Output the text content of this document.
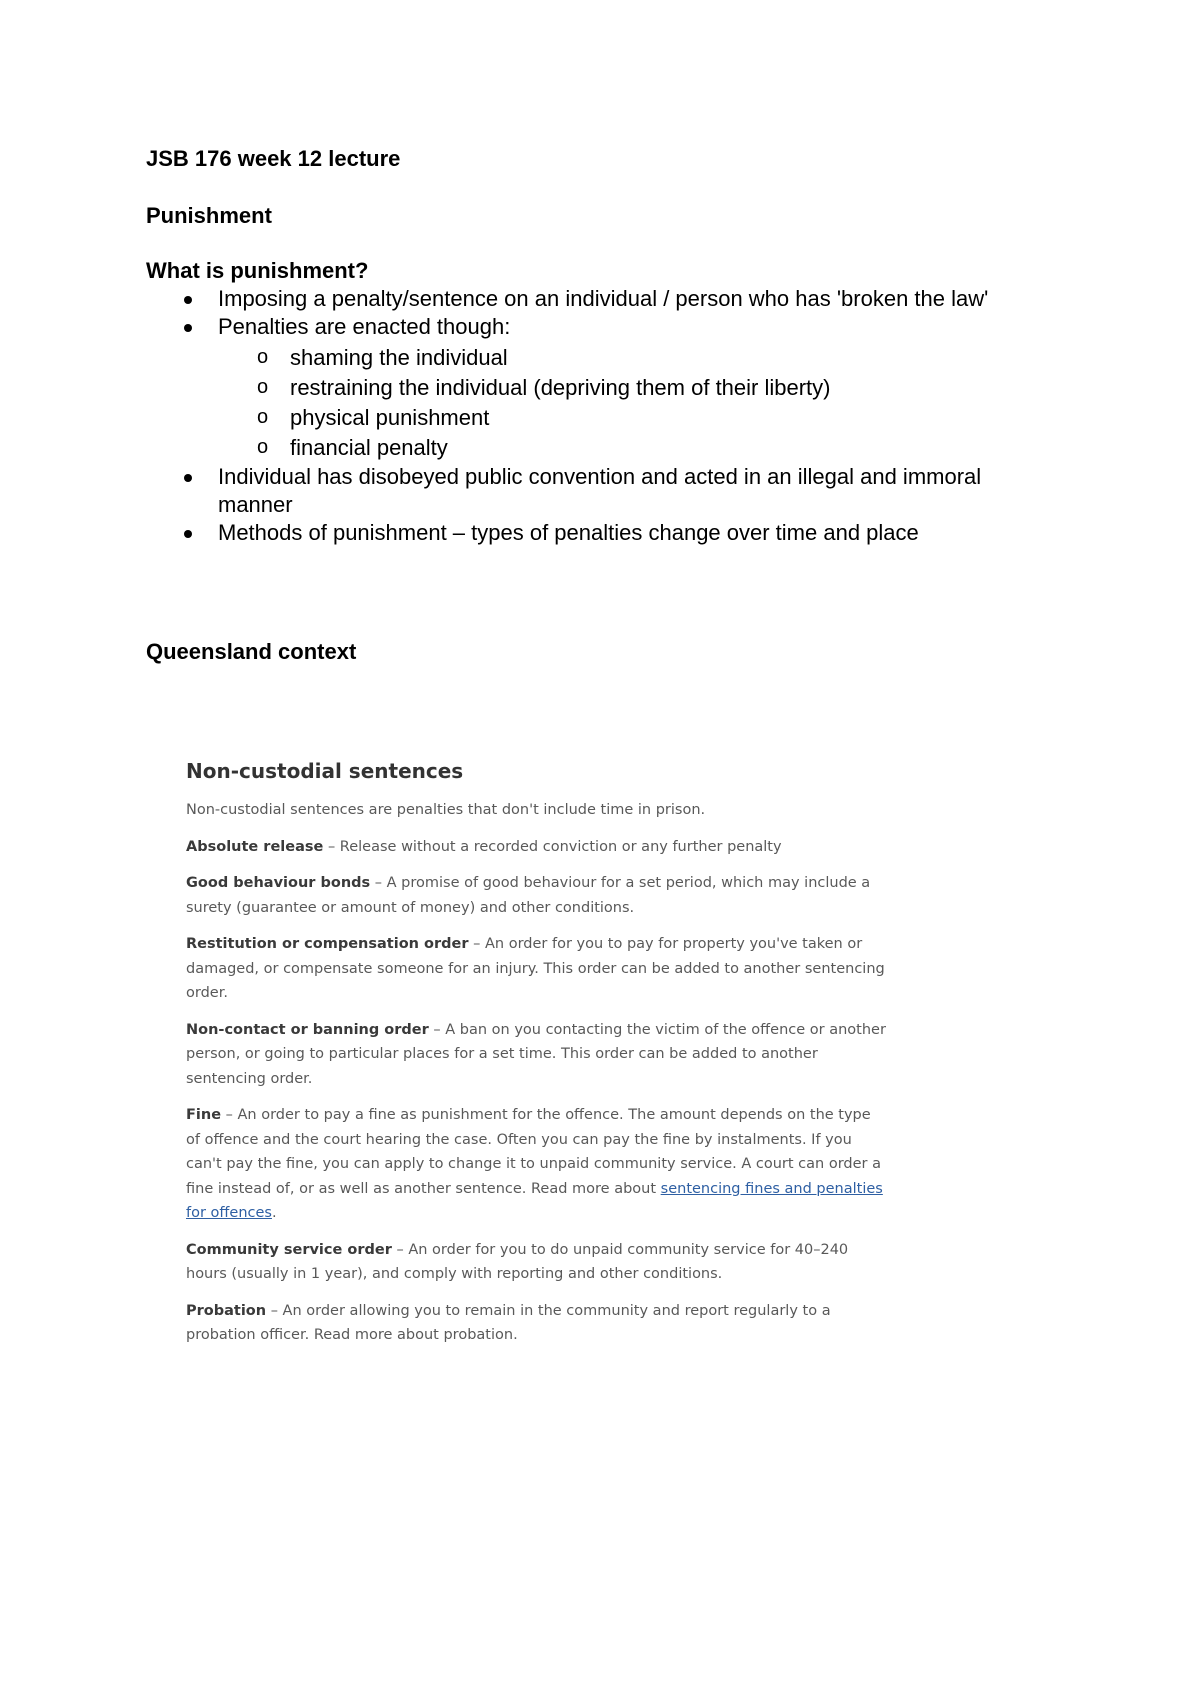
JSB 176 week 12 lecture
Punishment
What is punishment?
Imposing a penalty/sentence on an individual / person who has 'broken the law'
Penalties are enacted though:
o shaming the individual
o restraining the individual (depriving them of their liberty)
o physical punishment
o financial penalty
Individual has disobeyed public convention and acted in an illegal and immoral manner
Methods of punishment – types of penalties change over time and place
Queensland context
Non-custodial sentences

Non-custodial sentences are penalties that don't include time in prison.

Absolute release – Release without a recorded conviction or any further penalty

Good behaviour bonds – A promise of good behaviour for a set period, which may include a surety (guarantee or amount of money) and other conditions.

Restitution or compensation order – An order for you to pay for property you've taken or damaged, or compensate someone for an injury. This order can be added to another sentencing order.

Non-contact or banning order – A ban on you contacting the victim of the offence or another person, or going to particular places for a set time. This order can be added to another sentencing order.

Fine – An order to pay a fine as punishment for the offence. The amount depends on the type of offence and the court hearing the case. Often you can pay the fine by instalments. If you can't pay the fine, you can apply to change it to unpaid community service. A court can order a fine instead of, or as well as another sentence. Read more about sentencing fines and penalties for offences.

Community service order – An order for you to do unpaid community service for 40–240 hours (usually in 1 year), and comply with reporting and other conditions.

Probation – An order allowing you to remain in the community and report regularly to a probation officer. Read more about probation.
